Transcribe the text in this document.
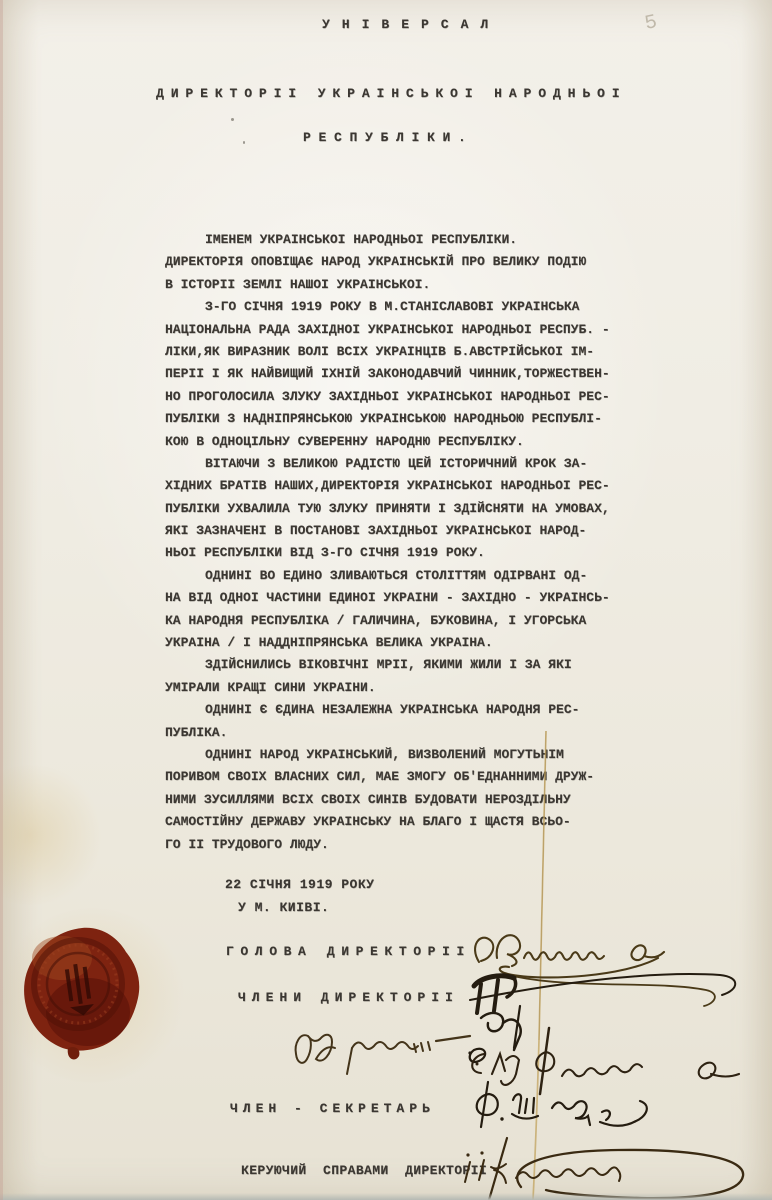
5
УНІВЕРСАЛ
ДИРЕКТОРІІ УКРАІНСЬКОІ НАРОДНЬОІ
РЕСПУБЛІКИ.
ІМЕНЕМ УКРАІНСЬКОІ НАРОДНЬОІ РЕСПУБЛІКИ.
ДИРЕКТОРІЯ ОПОВІЩАЄ НАРОД УКРАІНСЬКІЙ ПРО ВЕЛИКУ ПОДІЮ
В ІСТОРІІ ЗЕМЛІ НАШОІ УКРАІНСЬКОІ.
З-ГО СІЧНЯ 1919 РОКУ В М.СТАНІСЛАВОВІ УКРАІНСЬКА
НАЦІОНАЛЬНА РАДА ЗАХІДНОІ УКРАІНСЬКОІ НАРОДНЬОІ РЕСПУБ. -
ЛІКИ,ЯК ВИРАЗНИК ВОЛІ ВСІХ УКРАІНЦІВ Б.АВСТРІЙСЬКОІ ІМ-
ПЕРІІ І ЯК НАЙВИЩИЙ ІХНІЙ ЗАКОНОДАВЧИЙ ЧИННИК,ТОРЖЕСТВЕН-
НО ПРОГОЛОСИЛА ЗЛУКУ ЗАХІДНЬОІ УКРАІНСЬКОІ НАРОДНЬОІ РЕС-
ПУБЛІКИ З НАДНІПРЯНСЬКОЮ УКРАІНСЬКОЮ НАРОДНЬОЮ РЕСПУБЛІ-
КОЮ В ОДНОЦІЛЬНУ СУВЕРЕННУ НАРОДНЮ РЕСПУБЛІКУ.
ВІТАЮЧИ З ВЕЛИКОЮ РАДІСТЮ ЦЕЙ ІСТОРИЧНИЙ КРОК ЗА-
ХІДНИХ БРАТІВ НАШИХ,ДИРЕКТОРІЯ УКРАІНСЬКОІ НАРОДНЬОІ РЕС-
ПУБЛІКИ УХВАЛИЛА ТУЮ ЗЛУКУ ПРИНЯТИ І ЗДІЙСНЯТИ НА УМОВАХ,
ЯКІ ЗАЗНАЧЕНІ В ПОСТАНОВІ ЗАХІДНЬОІ УКРАІНСЬКОІ НАРОД-
НЬОІ РЕСПУБЛІКИ ВІД З-ГО СІЧНЯ 1919 РОКУ.
ОДНИНІ ВО ЕДИНО ЗЛИВАЮТЬСЯ СТОЛІТТЯМ ОДІРВАНІ ОД-
НА ВІД ОДНОІ ЧАСТИНИ ЕДИНОІ УКРАІНИ - ЗАХІДНО - УКРАІНСЬ-
КА НАРОДНЯ РЕСПУБЛІКА / ГАЛИЧИНА, БУКОВИНА, І УГОРСЬКА
УКРАІНА / І НАДДНІПРЯНСЬКА ВЕЛИКА УКРАІНА.
ЗДІЙСНИЛИСЬ ВІКОВІЧНІ МРІІ, ЯКИМИ ЖИЛИ І ЗА ЯКІ
УМІРАЛИ КРАЩІ СИНИ УКРАІНИ.
ОДНИНІ Є ЄДИНА НЕЗАЛЕЖНА УКРАІНСЬКА НАРОДНЯ РЕС-
ПУБЛІКА.
ОДНИНІ НАРОД УКРАІНСЬКИЙ, ВИЗВОЛЕНИЙ МОГУТЬНІМ
ПОРИВОМ СВОІХ ВЛАСНИХ СИЛ, МАЕ ЗМОГУ ОБ'ЕДНАННИМИ ДРУЖ-
НИМИ ЗУСИЛЛЯМИ ВСІХ СВОІХ СИНІВ БУДОВАТИ НЕРОЗДІЛЬНУ
САМОСТІЙНУ ДЕРЖАВУ УКРАІНСЬКУ НА БЛАГО І ЩАСТЯ ВСЬО-
ГО ІІ ТРУДОВОГО ЛЮДУ.
22 СІЧНЯ 1919 РОКУ
У М. КИІВІ.
ГОЛОВА ДИРЕКТОРІІ
ЧЛЕНИ ДИРЕКТОРІІ
ЧЛЕН - СЕКРЕТАРЬ
КЕРУЮЧИЙ  СПРАВАМИ  ДИРЕКТОРІІ
